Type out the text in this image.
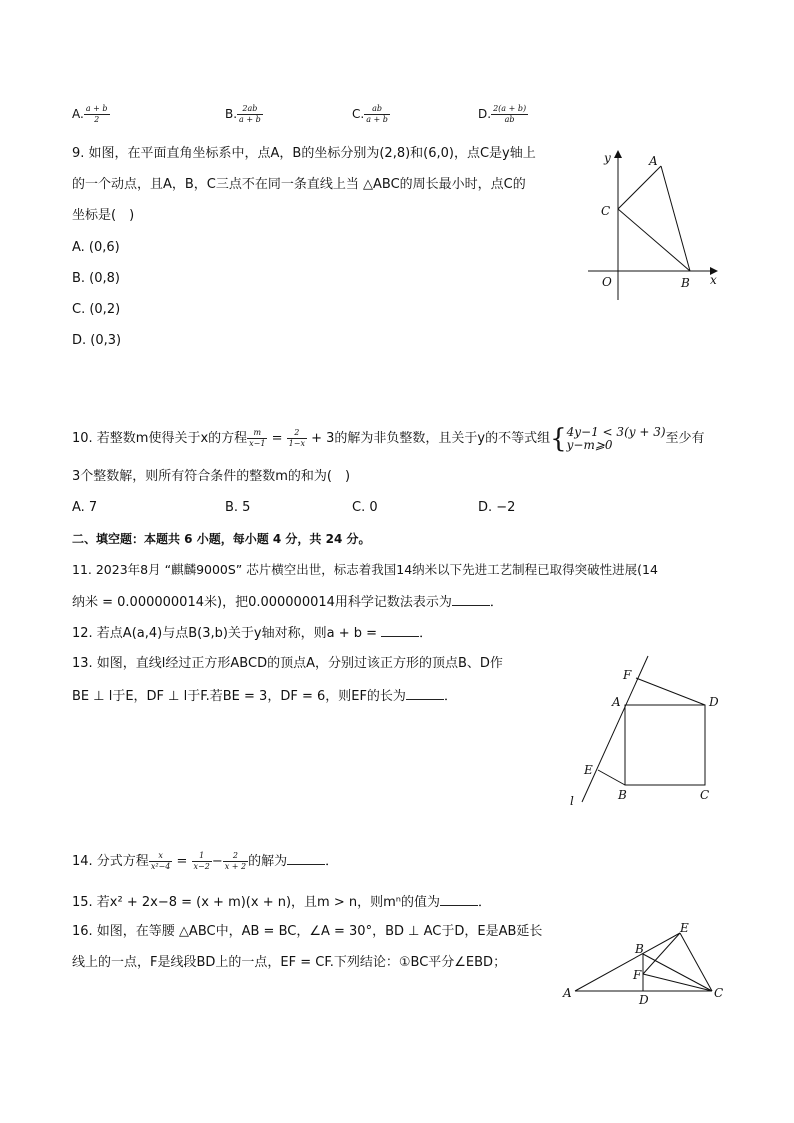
A. $\frac{a + b}{2}$	B. $\frac{2ab}{a + b}$	C. $\frac{ab}{a + b}$	D. $\frac{2(a + b)}{ab}$
9. 如图，在平面直角坐标系中，点A，B的坐标分别为(2,8)和(6,0)，点C是y轴上
的一个动点，且A，B，C三点不在同一条直线上当 △ABC的周长最小时，点C的
坐标是(　)
A. (0,6)
B. (0,8)
C. (0,2)
D. (0,3)
y
x
A
B
C
O
10. 若整数m使得关于x的方程 $\frac{m}{x-1} = \frac{2}{1-x} + 3$的解为非负整数，且关于y的不等式组{ 4y−1 < 3(y + 3)
y−m⩾0	至少有
3个整数解，则所有符合条件的整数m的和为(　)
A. 7	B. 5	C. 0	D. −2
二、填空题：本题共 6 小题，每小题 4 分，共 24 分。
11. 2023年8月 “麒麟9000S” 芯片横空出世，标志着我国14纳米以下先进工艺制程已取得突破性进展(14
纳米 = 0.000000014米)，把0.000000014用科学记数法表示为	．
12. 若点A(a,4)与点B(3,b)关于y轴对称，则a + b =	．
13. 如图，直线l经过正方形ABCD的顶点A，分别过该正方形的顶点B、D作
BE ⊥ l于E，DF ⊥ l于F.若BE = 3，DF = 6，则EF的长为	．
F
A	D
E
B	C
l
14. 分式方程 $\frac{x}{\text{x²−4}} = \frac{1}{x-2} - \frac{2}{x + 2}$ 的解为	．
15. 若x² + 2x−8 = (x + m)(x + n)，且m > n，则mⁿ的值为	．
16. 如图，在等腰 △ABC中，AB = BC，∠A = 30°，BD ⊥ AC于D，E是AB延长
线上的一点，F是线段BD上的一点，EF = CF.下列结论：①BC平分∠EBD；
A
B
C
D
E
F
